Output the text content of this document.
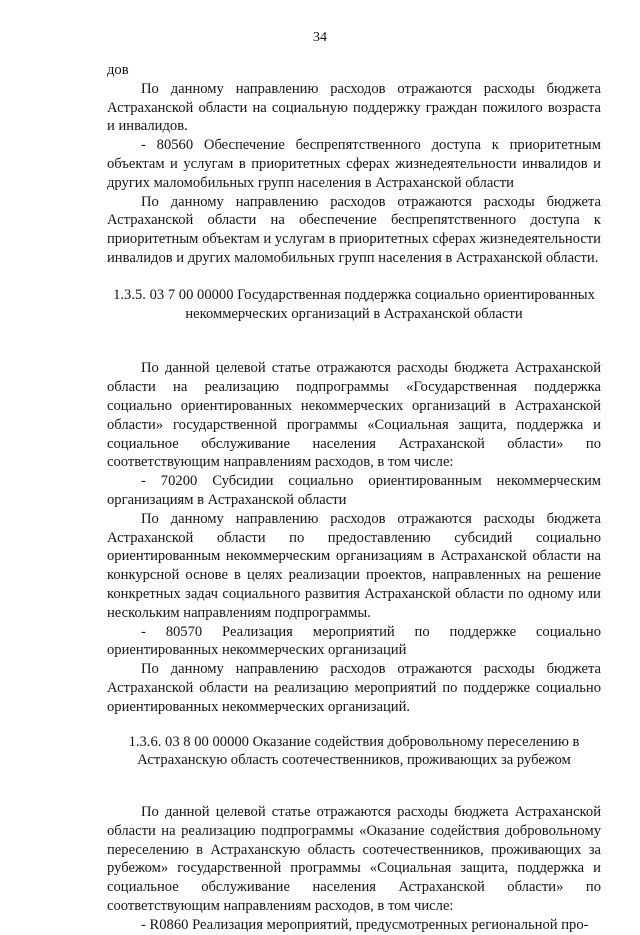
34

дов

По данному направлению расходов отражаются расходы бюджета Астраханской области на социальную поддержку граждан пожилого возраста и инвалидов.

- 80560 Обеспечение беспрепятственного доступа к приоритетным объектам и услугам в приоритетных сферах жизнедеятельности инвалидов и других маломобильных групп населения в Астраханской области

По данному направлению расходов отражаются расходы бюджета Астраханской области на обеспечение беспрепятственного доступа к приоритетным объектам и услугам в приоритетных сферах жизнедеятельности инвалидов и других маломобильных групп населения в Астраханской области.

1.3.5. 03 7 00 00000 Государственная поддержка социально ориентированных некоммерческих организаций в Астраханской области

По данной целевой статье отражаются расходы бюджета Астраханской области на реализацию подпрограммы «Государственная поддержка социально ориентированных некоммерческих организаций в Астраханской области» государственной программы «Социальная защита, поддержка и социальное обслуживание населения Астраханской области» по соответствующим направлениям расходов, в том числе:

- 70200 Субсидии социально ориентированным некоммерческим организациям в Астраханской области

По данному направлению расходов отражаются расходы бюджета Астраханской области по предоставлению субсидий социально ориентированным некоммерческим организациям в Астраханской области на конкурсной основе в целях реализации проектов, направленных на решение конкретных задач социального развития Астраханской области по одному или нескольким направлениям подпрограммы.

- 80570 Реализация мероприятий по поддержке социально ориентированных некоммерческих организаций

По данному направлению расходов отражаются расходы бюджета Астраханской области на реализацию мероприятий по поддержке социально ориентированных некоммерческих организаций.

1.3.6. 03 8 00 00000 Оказание содействия добровольному переселению в Астраханскую область соотечественников, проживающих за рубежом

По данной целевой статье отражаются расходы бюджета Астраханской области на реализацию подпрограммы «Оказание содействия добровольному переселению в Астраханскую область соотечественников, проживающих за рубежом» государственной программы «Социальная защита, поддержка и социальное обслуживание населения Астраханской области» по соответствующим направлениям расходов, в том числе:

- R0860 Реализация мероприятий, предусмотренных региональной про-
